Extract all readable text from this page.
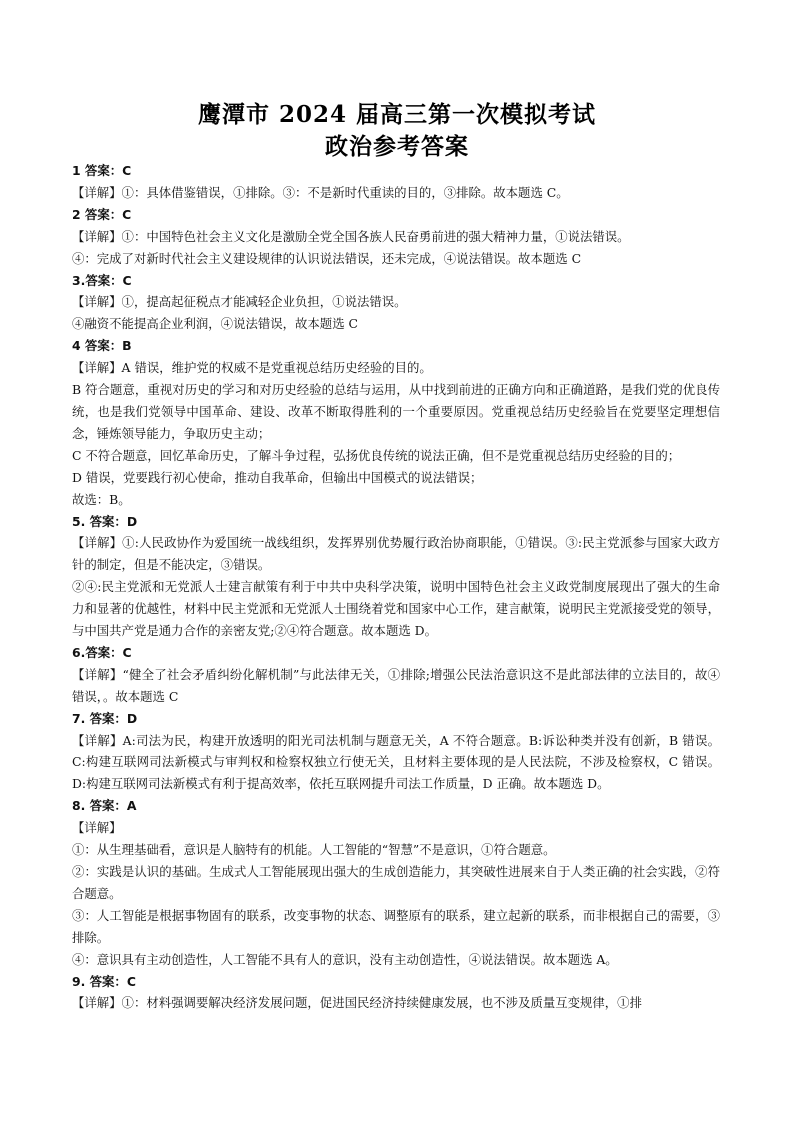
鹰潭市 2024 届高三第一次模拟考试
政治参考答案
1 答案：C
【详解】①：具体借鉴错误，①排除。③：不是新时代重读的目的，③排除。故本题选 C。
2 答案：C
【详解】①：中国特色社会主义文化是激励全党全国各族人民奋勇前进的强大精神力量，①说法错误。
④：完成了对新时代社会主义建设规律的认识说法错误，还未完成，④说法错误。故本题选 C
3.答案：C
【详解】①，提高起征税点才能减轻企业负担，①说法错误。
④融资不能提高企业利润，④说法错误，故本题选 C
4 答案：B
【详解】A 错误，维护党的权威不是党重视总结历史经验的目的。
B 符合题意，重视对历史的学习和对历史经验的总结与运用，从中找到前进的正确方向和正确道路，是我们党的优良传统，也是我们党领导中国革命、建设、改革不断取得胜利的一个重要原因。党重视总结历史经验旨在党要坚定理想信念，锤炼领导能力，争取历史主动；
C 不符合题意，回忆革命历史，了解斗争过程，弘扬优良传统的说法正确，但不是党重视总结历史经验的目的；
D 错误，党要践行初心使命，推动自我革命，但输出中国模式的说法错误；
故选：B。
5. 答案：D
【详解】①:人民政协作为爱国统一战线组织，发挥界别优势履行政治协商职能，①错误。③:民主党派参与国家大政方针的制定，但是不能决定，③错误。
②④:民主党派和无党派人士建言献策有利于中共中央科学决策，说明中国特色社会主义政党制度展现出了强大的生命力和显著的优越性，材料中民主党派和无党派人士围绕着党和国家中心工作，建言献策，说明民主党派接受党的领导，与中国共产党是通力合作的亲密友党;②④符合题意。故本题选 D。
6.答案：C
【详解】“健全了社会矛盾纠纷化解机制”与此法律无关，①排除;增强公民法治意识这不是此部法律的立法目的，故④错误，。故本题选 C
7. 答案：D
【详解】A:司法为民，构建开放透明的阳光司法机制与题意无关，A 不符合题意。B:诉讼种类并没有创新，B 错误。C:构建互联网司法新模式与审判权和检察权独立行使无关，且材料主要体现的是人民法院，不涉及检察权，C 错误。D:构建互联网司法新模式有利于提高效率，依托互联网提升司法工作质量，D 正确。故本题选 D。
8. 答案：A
【详解】
①：从生理基础看，意识是人脑特有的机能。人工智能的“智慧”不是意识，①符合题意。
②：实践是认识的基础。生成式人工智能展现出强大的生成创造能力，其突破性进展来自于人类正确的社会实践，②符合题意。
③：人工智能是根据事物固有的联系，改变事物的状态、调整原有的联系，建立起新的联系，而非根据自己的需要，③排除。
④：意识具有主动创造性，人工智能不具有人的意识，没有主动创造性，④说法错误。故本题选 A。
9. 答案：C
【详解】①：材料强调要解决经济发展问题，促进国民经济持续健康发展，也不涉及质量互变规律，①排
